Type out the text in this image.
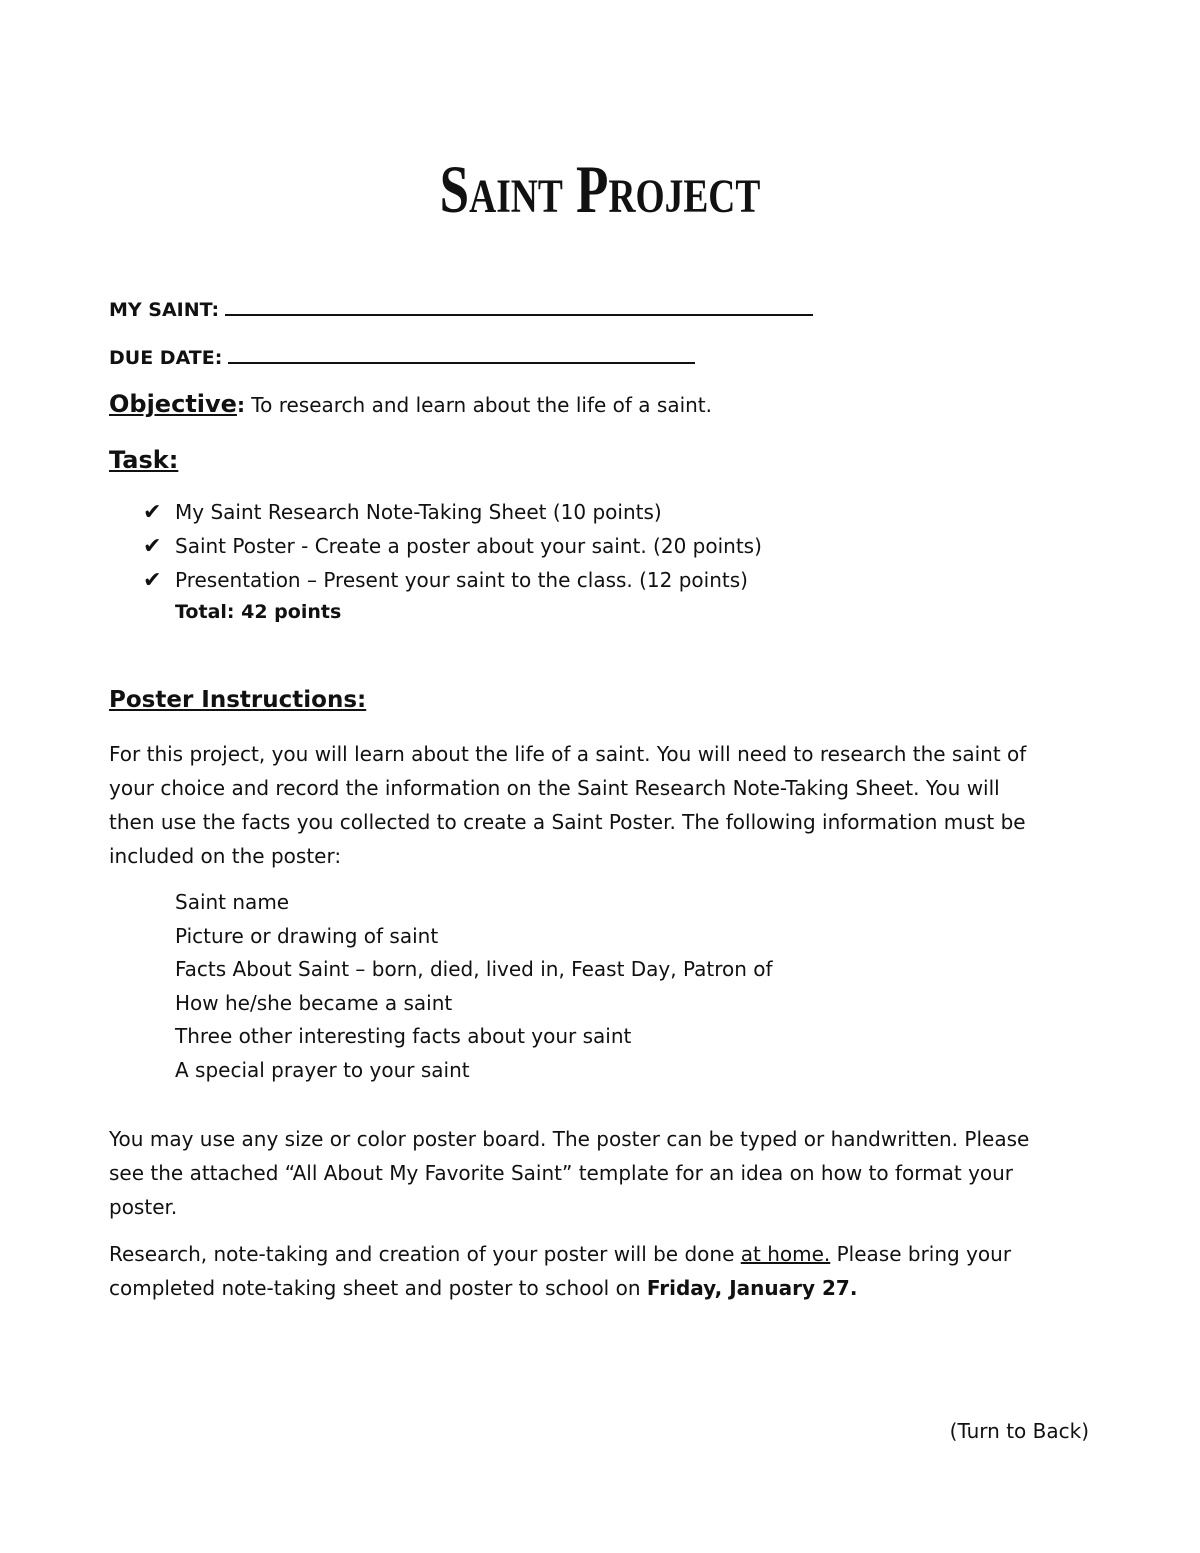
Saint Project
MY SAINT:
DUE DATE:
Objective: To research and learn about the life of a saint.
Task:
✔ My Saint Research Note-Taking Sheet (10 points)
✔ Saint Poster - Create a poster about your saint. (20 points)
✔ Presentation – Present your saint to the class. (12 points)
Total: 42 points
Poster Instructions:

For this project, you will learn about the life of a saint. You will need to research the saint of

your choice and record the information on the Saint Research Note-Taking Sheet. You will

then use the facts you collected to create a Saint Poster. The following information must be

included on the poster:

Saint name
Picture or drawing of saint
Facts About Saint – born, died, lived in, Feast Day, Patron of
How he/she became a saint
Three other interesting facts about your saint
A special prayer to your saint

You may use any size or color poster board. The poster can be typed or handwritten. Please

see the attached “All About My Favorite Saint” template for an idea on how to format your

poster.

Research, note-taking and creation of your poster will be done at home. Please bring your

completed note-taking sheet and poster to school on Friday, January 27.

(Turn to Back)
